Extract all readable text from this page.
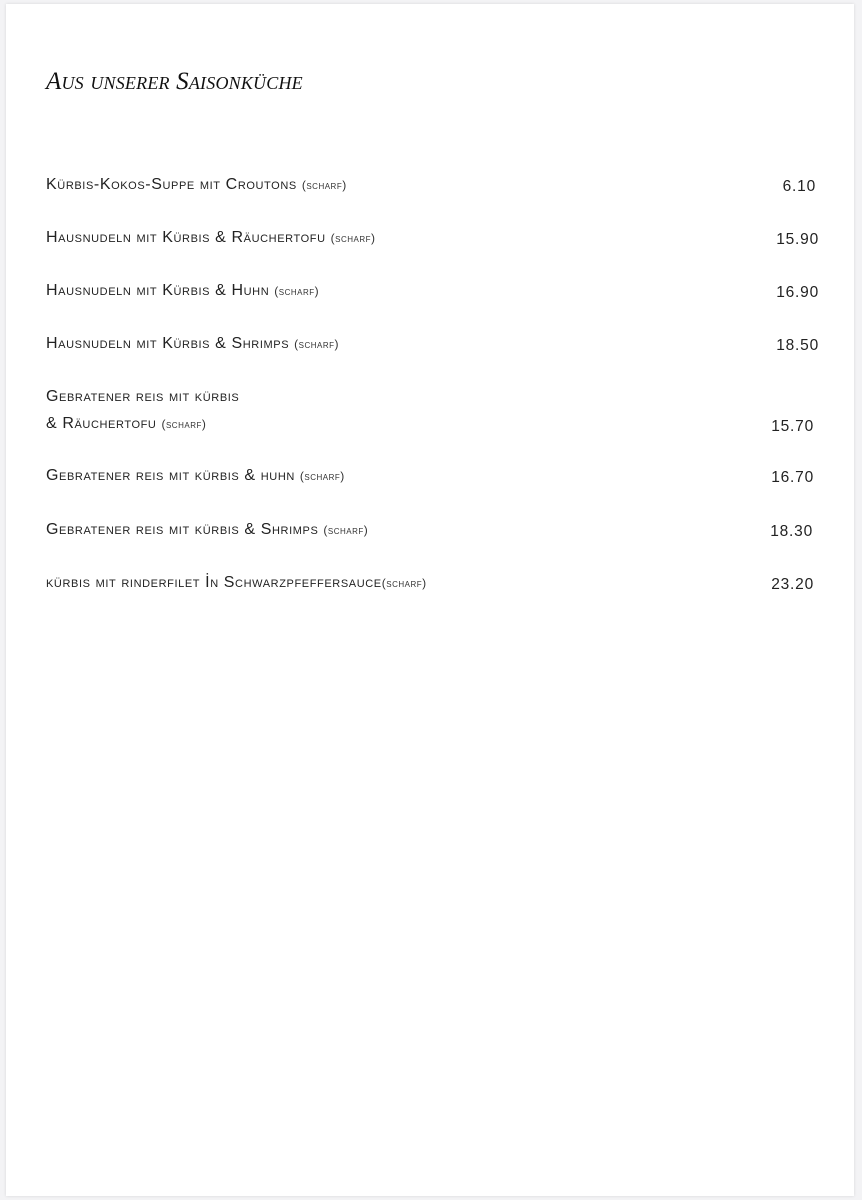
Aus unserer Saisonküche
Kürbis-Kokos-Suppe mit Croutons (scharf)	6.10
Hausnudeln mit Kürbis & Räuchertofu (scharf)	15.90
Hausnudeln mit Kürbis & Huhn (scharf)	16.90
Hausnudeln mit Kürbis & Shrimps (scharf)	18.50
Gebratener reis mit kürbis
& Räuchertofu (scharf)	15.70
Gebratener reis mit kürbis & huhn (scharf)	16.70
Gebratener reis mit kürbis & Shrimps (scharf)	18.30
kürbis mit rinderfilet İn Schwarzpfeffersauce(scharf)	23.20
